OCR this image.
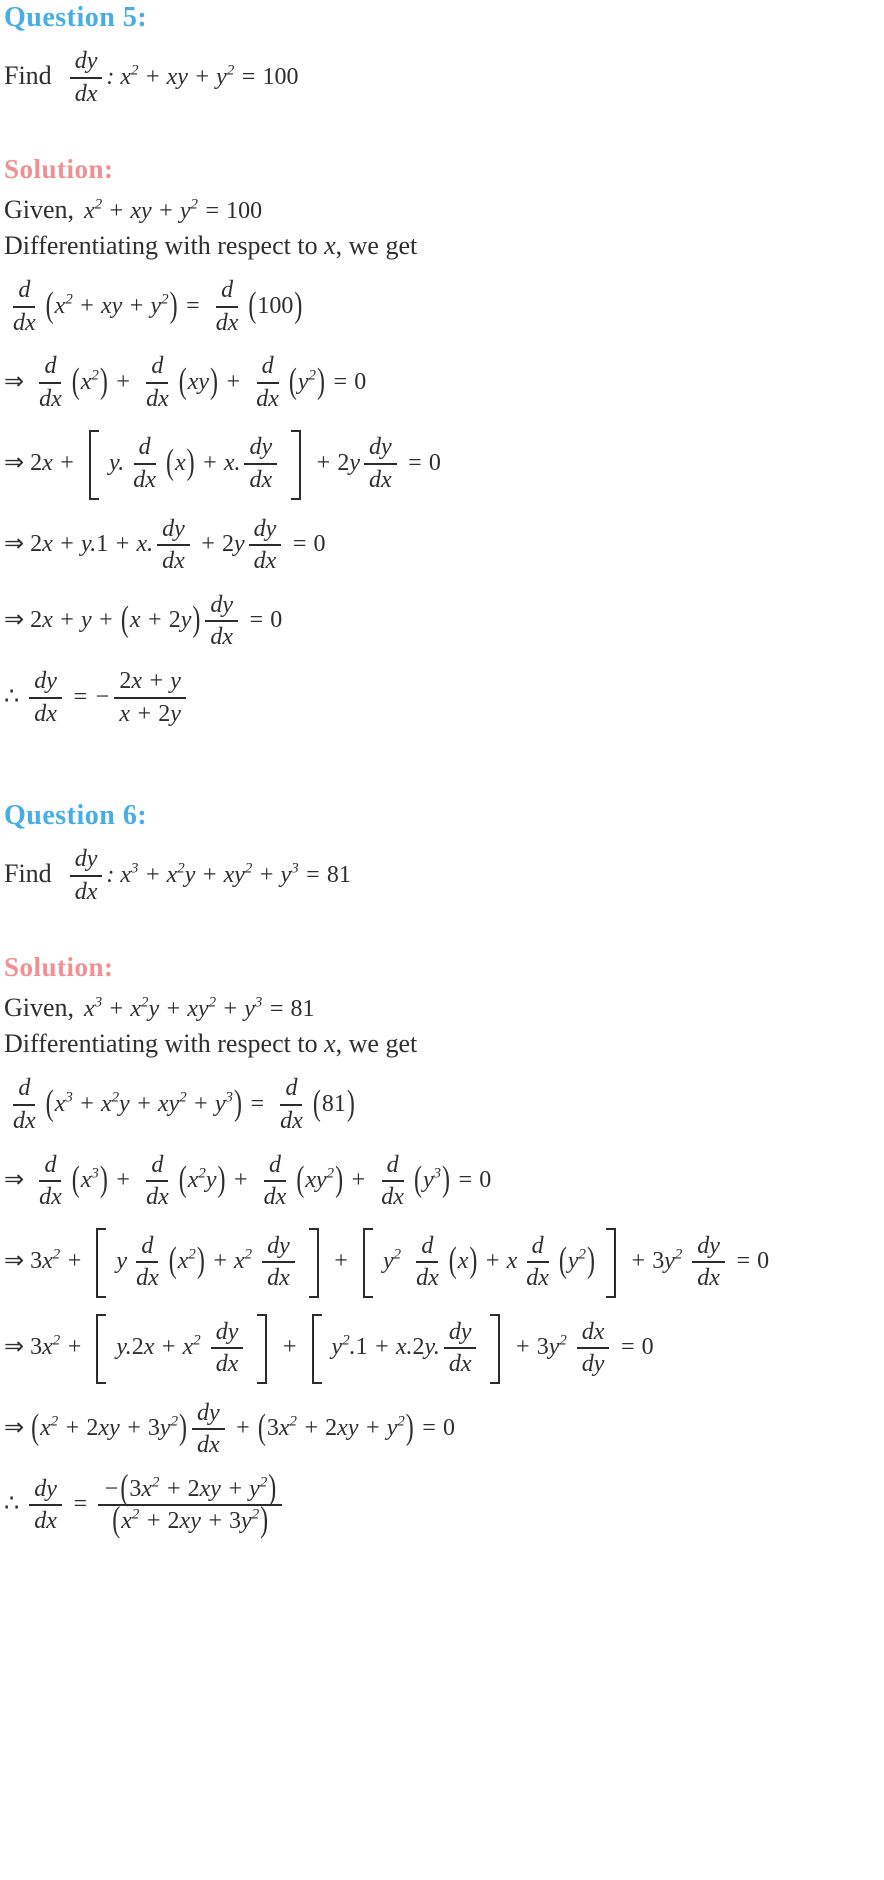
Question 5:
Find $\frac{dy}{dx}$ : $x^2$ + xy + $y^2 = 100$
Solution:
Given, $x^2$ + xy + $y^2 = 100$
Differentiating with respect to x, we get
$\frac{d}{dx} (x^2$ + xy + $y^2) = \frac{d}{dx} (100)$
⇒ $\frac{d}{dx} (x^2) + \frac{d}{dx} (xy) + \frac{d}{dx} (y^2) = 0$
⇒ 2x + y. $\frac{d}{dx} (x) + x$. $\frac{dy}{dx} + 2y \frac{dy}{dx} = 0$
⇒ 2x + y.1 + x. $\frac{dy}{dx} + 2y \frac{dy}{dx} = 0$
⇒ $2x + y + (x + 2y) \frac{dy}{dx} = 0$
∴ $\frac{dy}{dx}$ = − $\frac{2x + y}{x + 2y}$
Question 6:
Find $\frac{dy}{dx}$ : $x^3 + x^2y + xy^2 + y^3 = 81$
Solution:
Given, $x^3 + x^2y + xy^2 + y^3 = 81$
Differentiating with respect to x, we get
$\frac{d}{dx} (x^3 + x^2y + xy^2 + y^3) = \frac{d}{dx} (81)$
⇒ $\frac{d}{dx} (x^3) + \frac{d}{dx} (x^2y) + \frac{d}{dx} (xy^2) + \frac{d}{dx} (y^3) = 0$
⇒ $3x^2 + y \frac{d}{dx} (x^2) + x^2 \frac{dy}{dx} + y^2 \frac{d}{dx} (x) + x \frac{d}{dx} (y^2) + 3y^2 \frac{dy}{dx} = 0$
⇒ $3x^2 + y.2x + x^2 \frac{dy}{dx} + y^2.1 + x.2y$. $\frac{dy}{dx} + 3y^2 \frac{dx}{dy} = 0$
⇒ $(x^2 + 2xy + 3y^2) \frac{dy}{dx} + (3x^2 + 2xy + y^2) = 0$
∴ $\frac{dy}{dx} = \frac{-(3x^2 + 2xy + y^2)}{(x^2 + 2xy + 3y^2)}$
